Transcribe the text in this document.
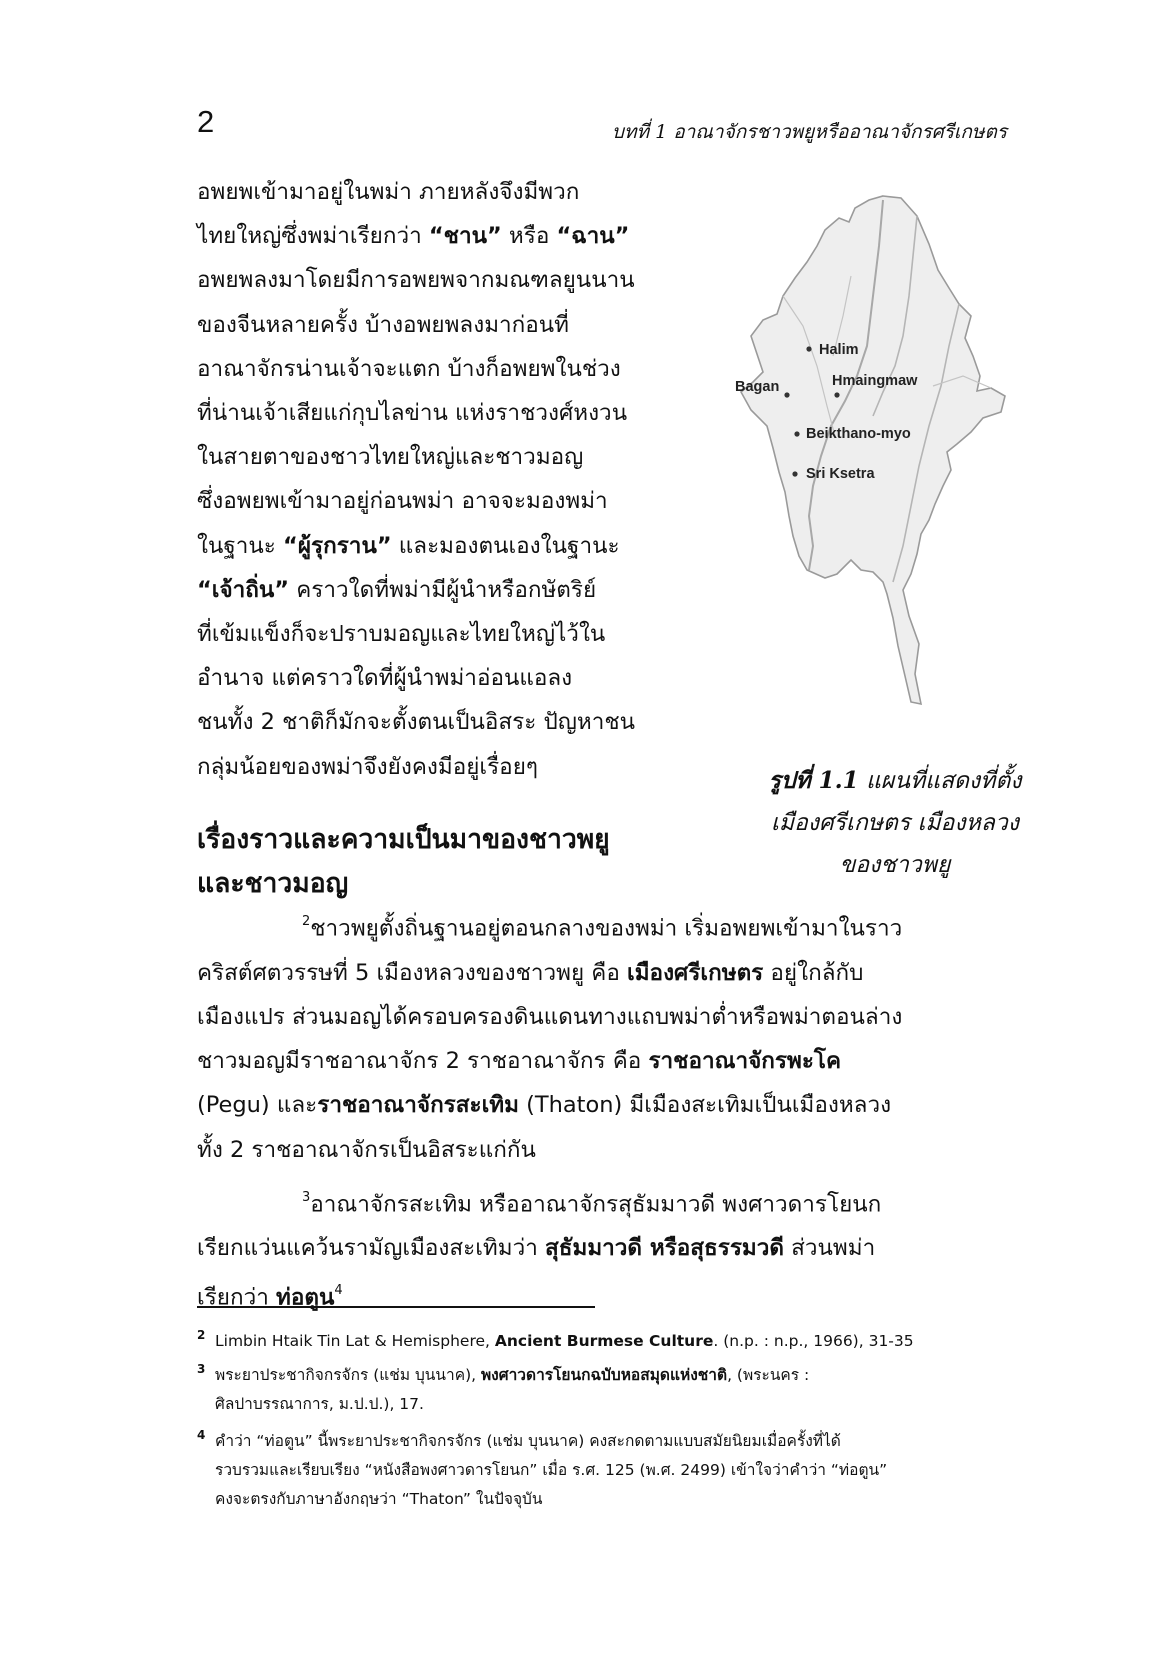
2	บทที่ 1 อาณาจักรชาวพยูหรืออาณาจักรศรีเกษตร
อพยพเข้ามาอยู่ในพม่า ภายหลังจึงมีพวก
ไทยใหญ่ซึ่งพม่าเรียกว่า “ชาน” หรือ “ฉาน”
อพยพลงมาโดยมีการอพยพจากมณฑลยูนนาน
ของจีนหลายครั้ง บ้างอพยพลงมาก่อนที่
อาณาจักรน่านเจ้าจะแตก บ้างก็อพยพในช่วง
ที่น่านเจ้าเสียแก่กุบไลข่าน แห่งราชวงศ์หงวน
ในสายตาของชาวไทยใหญ่และชาวมอญ
ซึ่งอพยพเข้ามาอยู่ก่อนพม่า อาจจะมองพม่า
ในฐานะ “ผู้รุกราน” และมองตนเองในฐานะ
“เจ้าถิ่น” คราวใดที่พม่ามีผู้นำหรือกษัตริย์
ที่เข้มแข็งก็จะปราบมอญและไทยใหญ่ไว้ใน
อำนาจ แต่คราวใดที่ผู้นำพม่าอ่อนแอลง
ชนทั้ง 2 ชาติก็มักจะตั้งตนเป็นอิสระ ปัญหาชน
กลุ่มน้อยของพม่าจึงยังคงมีอยู่เรื่อยๆ
Halim
Hmaingmaw
Bagan
Beikthano-myo
Sri Ksetra
รูปที่ 1.1 แผนที่แสดงที่ตั้ง
เมืองศรีเกษตร เมืองหลวง
ของชาวพยู
เรื่องราวและความเป็นมาของชาวพยู
และชาวมอญ
$^2$ชาวพยูตั้งถิ่นฐานอยู่ตอนกลางของพม่า เริ่มอพยพเข้ามาในราว
คริสต์ศตวรรษที่ 5 เมืองหลวงของชาวพยู คือ เมืองศรีเกษตร อยู่ใกล้กับ
เมืองแปร ส่วนมอญได้ครอบครองดินแดนทางแถบพม่าต่ำหรือพม่าตอนล่าง
ชาวมอญมีราชอาณาจักร 2 ราชอาณาจักร คือ ราชอาณาจักรพะโค
(Pegu) และราชอาณาจักรสะเทิม (Thaton) มีเมืองสะเทิมเป็นเมืองหลวง
ทั้ง 2 ราชอาณาจักรเป็นอิสระแก่กัน
$^3$อาณาจักรสะเทิม หรืออาณาจักรสุธัมมาวดี พงศาวดารโยนก
เรียกแว่นแคว้นรามัญเมืองสะเทิมว่า สุธัมมาวดี หรือสุธรรมวดี ส่วนพม่า
เรียกว่า ท่อตูน$^4$
2 Limbin Htaik Tin Lat & Hemisphere, Ancient Burmese Culture. (n.p. : n.p., 1966), 31-35
3 พระยาประชากิจกรจักร (แช่ม บุนนาค), พงศาวดารโยนกฉบับหอสมุดแห่งชาติ, (พระนคร :
ศิลปาบรรณาการ, ม.ป.ป.), 17.
4 คำว่า “ท่อตูน” นี้พระยาประชากิจกรจักร (แช่ม บุนนาค) คงสะกดตามแบบสมัยนิยมเมื่อครั้งที่ได้
รวบรวมและเรียบเรียง “หนังสือพงศาวดารโยนก” เมื่อ ร.ศ. 125 (พ.ศ. 2499) เข้าใจว่าคำว่า “ท่อตูน”
คงจะตรงกับภาษาอังกฤษว่า “Thaton” ในปัจจุบัน
